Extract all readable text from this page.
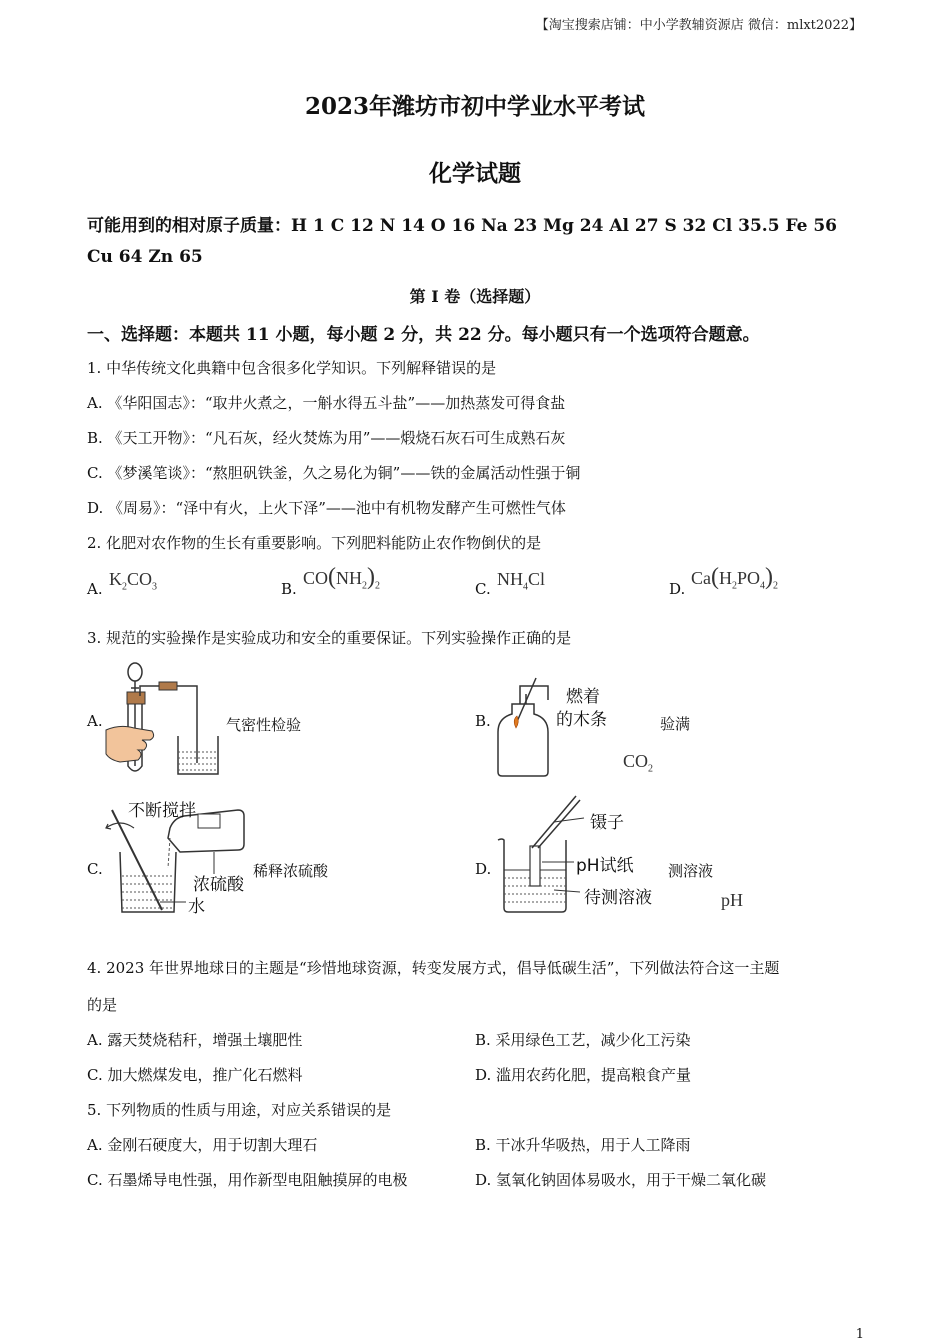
【淘宝搜索店铺：中小学教辅资源店 微信：mlxt2022】
2023年潍坊市初中学业水平考试
化学试题
可能用到的相对原子质量：H 1 C 12 N 14 O 16 Na 23 Mg 24 Al 27 S 32 Cl 35.5 Fe 56
Cu 64 Zn 65
第 I 卷（选择题）
一、选择题：本题共 11 小题，每小题 2 分，共 22 分。每小题只有一个选项符合题意。
1. 中华传统文化典籍中包含很多化学知识。下列解释错误的是
A. 《华阳国志》：“取井火煮之，一斛水得五斗盐”——加热蒸发可得食盐
B. 《天工开物》：“凡石灰，经火焚炼为用”——煅烧石灰石可生成熟石灰
C. 《梦溪笔谈》：“熬胆矾铁釜，久之易化为铜”——铁的金属活动性强于铜
D. 《周易》：“泽中有火，上火下泽”——池中有机物发酵产生可燃性气体
2. 化肥对农作物的生长有重要影响。下列肥料能防止农作物倒伏的是
A. $K_2CO_3$	B.
$CO(NH_2)_2$	C. $NH_4Cl$	D.
$Ca(H_2PO_4)_2$
3. 规范的实验操作是实验成功和安全的重要保证。下列实验操作正确的是
A.	气密性检验	B.
燃着
的木条	验满
$CO_2$
C.
不断搅拌
浓硫酸
水
稀释浓硫酸	D.
镊子
pH试纸
待测溶液
测溶液
pH
4. 2023 年世界地球日的主题是“珍惜地球资源，转变发展方式，倡导低碳生活”，下列做法符合这一主题
的是
A. 露天焚烧秸秆，增强土壤肥性	B. 采用绿色工艺，减少化工污染
C. 加大燃煤发电，推广化石燃料	D. 滥用农药化肥，提高粮食产量
5. 下列物质的性质与用途，对应关系错误的是
A. 金刚石硬度大，用于切割大理石	B. 干冰升华吸热，用于人工降雨
C. 石墨烯导电性强，用作新型电阻触摸屏的电极	D. 氢氧化钠固体易吸水，用于干燥二氧化碳
1
